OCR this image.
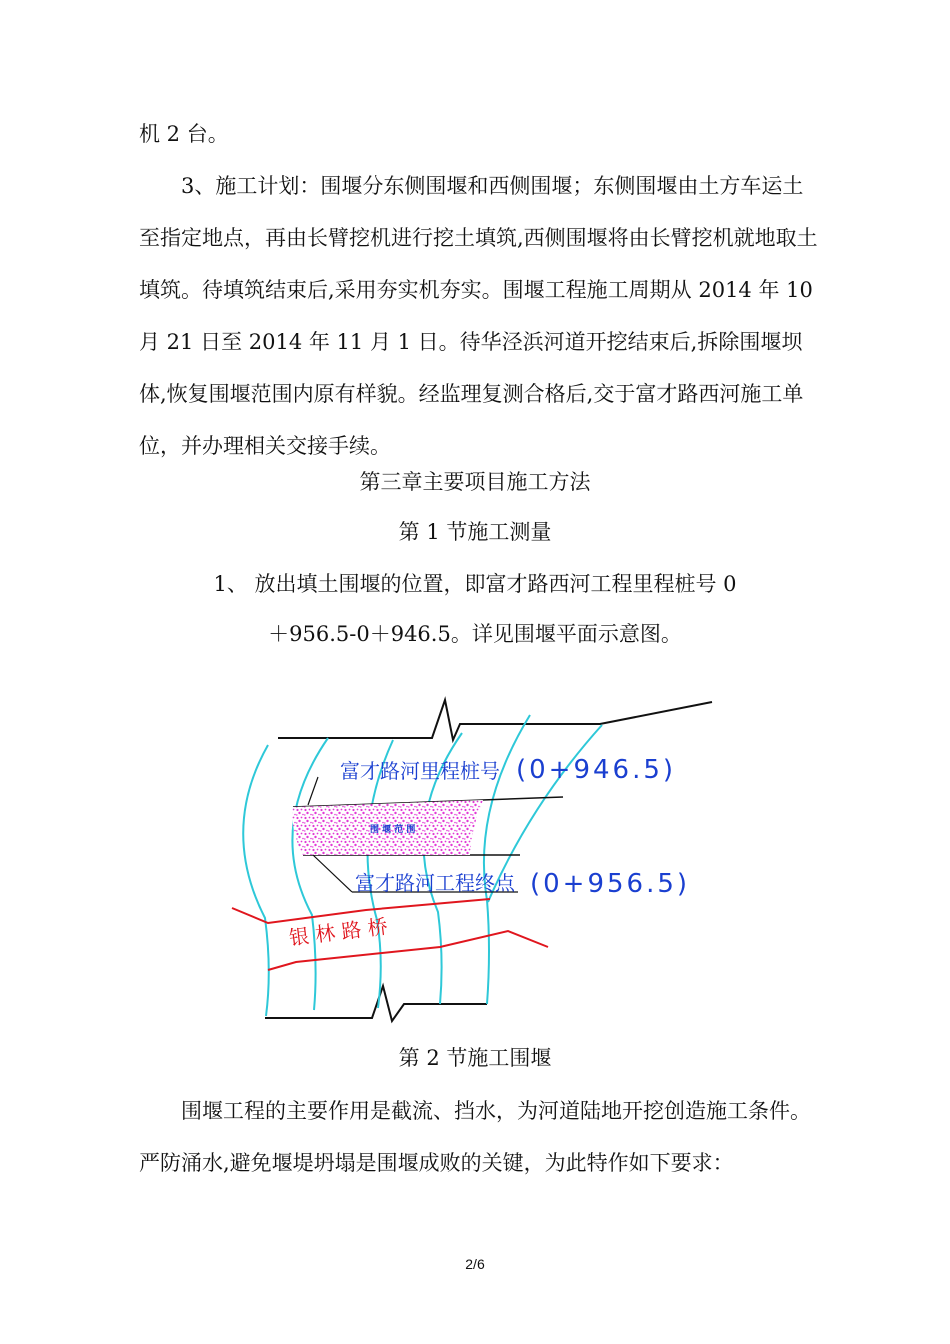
机 2 台。

3、施工计划：围堰分东侧围堰和西侧围堰；东侧围堰由土方车运土至指定地点，再由长臂挖机进行挖土填筑,西侧围堰将由长臂挖机就地取土填筑。待填筑结束后,采用夯实机夯实。围堰工程施工周期从 2014 年 10 月 21 日至 2014 年 11 月 1 日。待华泾浜河道开挖结束后,拆除围堰坝体,恢复围堰范围内原有样貌。经监理复测合格后,交于富才路西河施工单位，并办理相关交接手续。

第三章主要项目施工方法
第 1 节施工测量
1、 放出填土围堰的位置，即富才路西河工程里程桩号 0
＋956.5-0＋946.5。详见围堰平面示意图。
富才路河里程桩号 (0+946.5)
围 堰 范 围
富才路河工程终点 (0+956.5)
银 林 路 桥
第 2 节施工围堰

围堰工程的主要作用是截流、挡水，为河道陆地开挖创造施工条件。严防涌水,避免堰堤坍塌是围堰成败的关键，为此特作如下要求：

2/6
